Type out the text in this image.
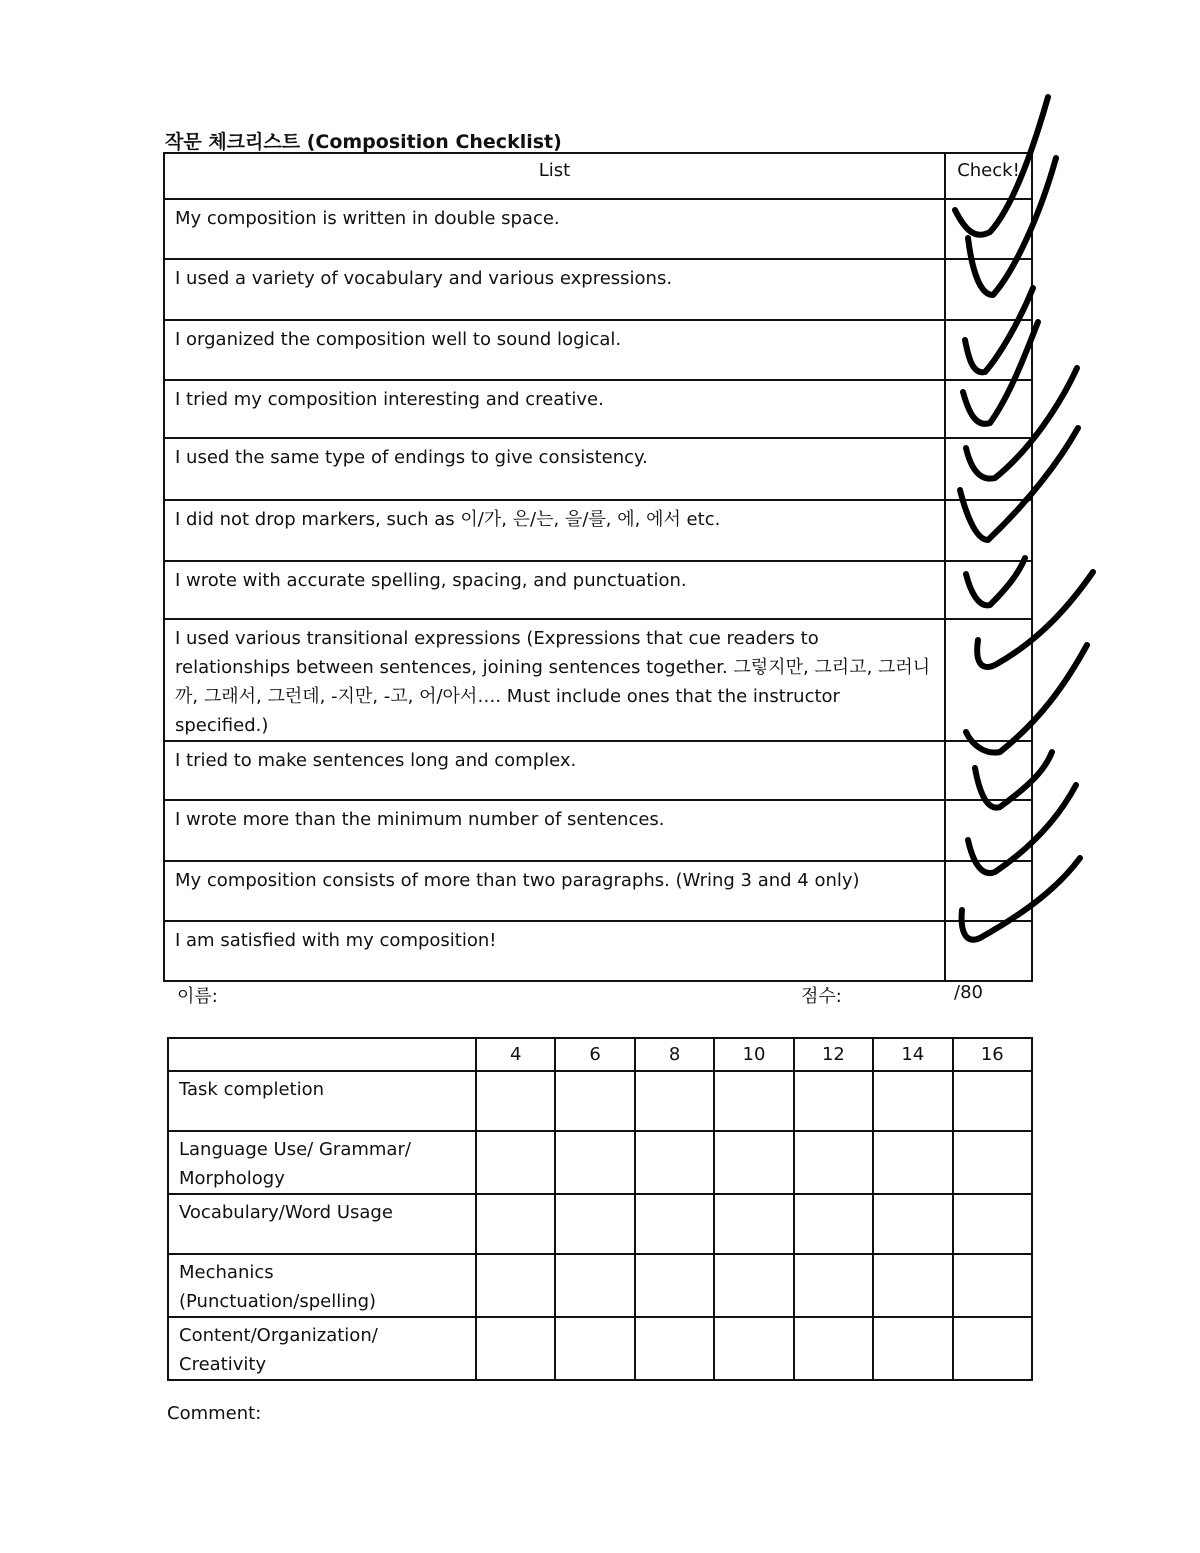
작문 체크리스트 (Composition Checklist)
List	Check!

My composition is written in double space.	
I used a variety of vocabulary and various expressions.	
I organized the composition well to sound logical.	
I tried my composition interesting and creative.	
I used the same type of endings to give consistency.	
I did not drop markers, such as 이/가, 은/는, 을/를, 에, 에서 etc.	
I wrote with accurate spelling, spacing, and punctuation.	
I used various transitional expressions (Expressions that cue readers to relationships between sentences, joining sentences together. 그렇지만, 그리고, 그러니까, 그래서, 그런데, -지만, -고, 어/아서…. Must include ones that the instructor specified.)	
I tried to make sentences long and complex.	
I wrote more than the minimum number of sentences.	
My composition consists of more than two paragraphs. (Wring 3 and 4 only)	
I am satisfied with my composition!	
이름:	점수:	/80
	4	6	8	10	12	14	16
Task completion							
Language Use/ Grammar/ Morphology							
Vocabulary/Word Usage							
Mechanics (Punctuation/spelling)							
Content/Organization/ Creativity							
Comment:
